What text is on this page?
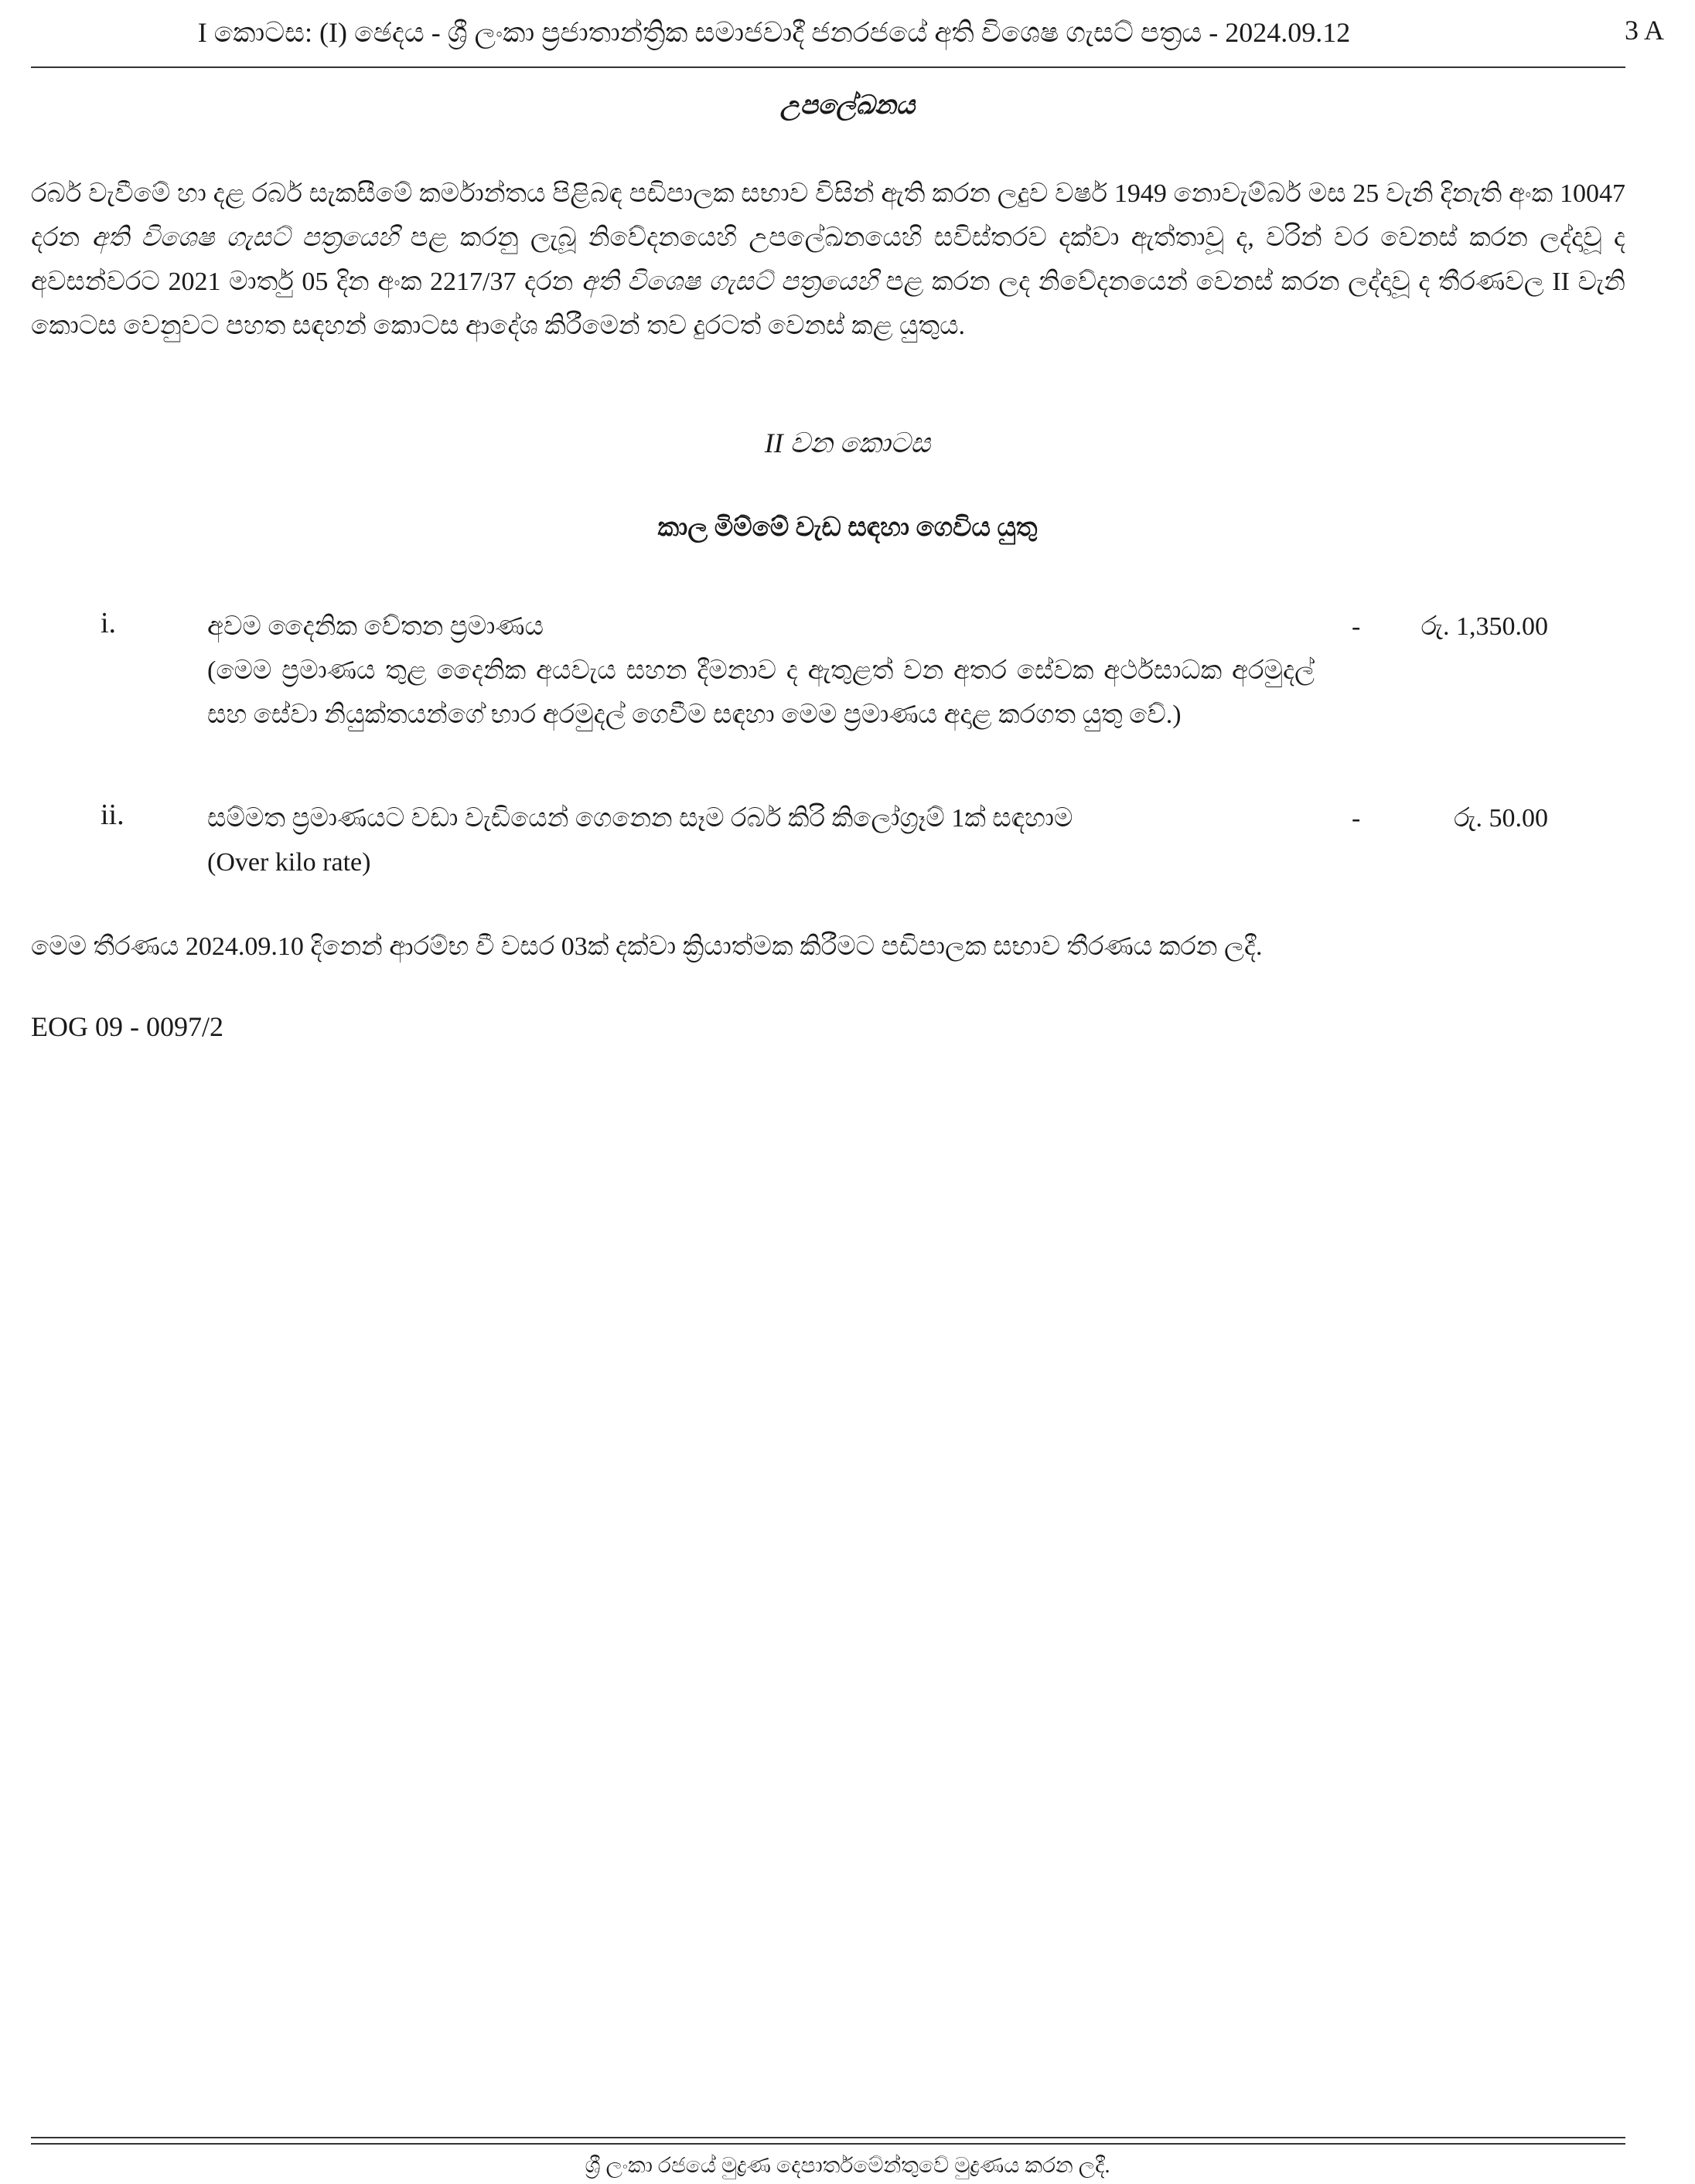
I කොටස: (I) ඡෙදය - ශ්‍රී ලංකා ප්‍රජාතාන්ත්‍රික සමාජවාදී ජනරජයේ අති විශෙෂ ගැසට් පත්‍රය - 2024.09.12	3 A
උපලේඛනය
රබර් වැවීමේ හා දළ රබර් සැකසීමේ කර්මාන්තය පිළිබඳ පඩිපාලක සභාව විසින් ඇති කරන ලදුව වර්ෂ 1949 නොවැම්බර් මස 25 වැනි දිනැති අංක 10047 දරන අති විශෙෂ ගැසට් පත්‍රයෙහි පළ කරනු ලැබූ නිවේදනයෙහි උපලේඛනයෙහි සවිස්තරව දක්වා ඇත්තාවූ ද, වරින් වර වෙනස් කරන ලද්දාවූ ද අවසන්වරට 2021 මාර්තු 05 දින අංක 2217/37 දරන අති විශෙෂ ගැසට් පත්‍රයෙහි පළ කරන ලද නිවේදනයෙන් වෙනස් කරන ලද්දාවූ ද තීරණවල II වැනි කොටස වෙනුවට පහත සඳහන් කොටස ආදේශ කිරීමෙන් තව දුරටත් වෙනස් කළ යුතුය.
II වන කොටස
කාල මිම්මේ වැඩ සඳහා ගෙවිය යුතු
i.	අවම දෛනික වේතන ප්‍රමාණය
(මෙම ප්‍රමාණය තුළ දෛනික අයවැය සහන දීමනාව ද ඇතුළත් වන අතර සේවක අර්ථසාධක අරමුදල් සහ සේවා නියුක්තයන්ගේ භාර අරමුදල් ගෙවීම සඳහා මෙම ප්‍රමාණය අදාළ කරගත යුතු වේ.)
- රු. 1,350.00
ii.	සම්මත ප්‍රමාණයට වඩා වැඩියෙන් ගෙනෙන සෑම රබර් කිරි කිලෝග්‍රෑම් 1ක් සඳහාම
(Over kilo rate)
-	රු. 50.00
මෙම තීරණය 2024.09.10 දිනෙන් ආරම්භ වී වසර 03ක් දක්වා ක්‍රියාත්මක කිරීමට පඩිපාලක සභාව තීරණය කරන ලදී.
EOG 09 - 0097/2
ශ්‍රී ලංකා රජයේ මුද්‍රණ දෙපාර්තමේන්තුවේ මුද්‍රණය කරන ලදී.
